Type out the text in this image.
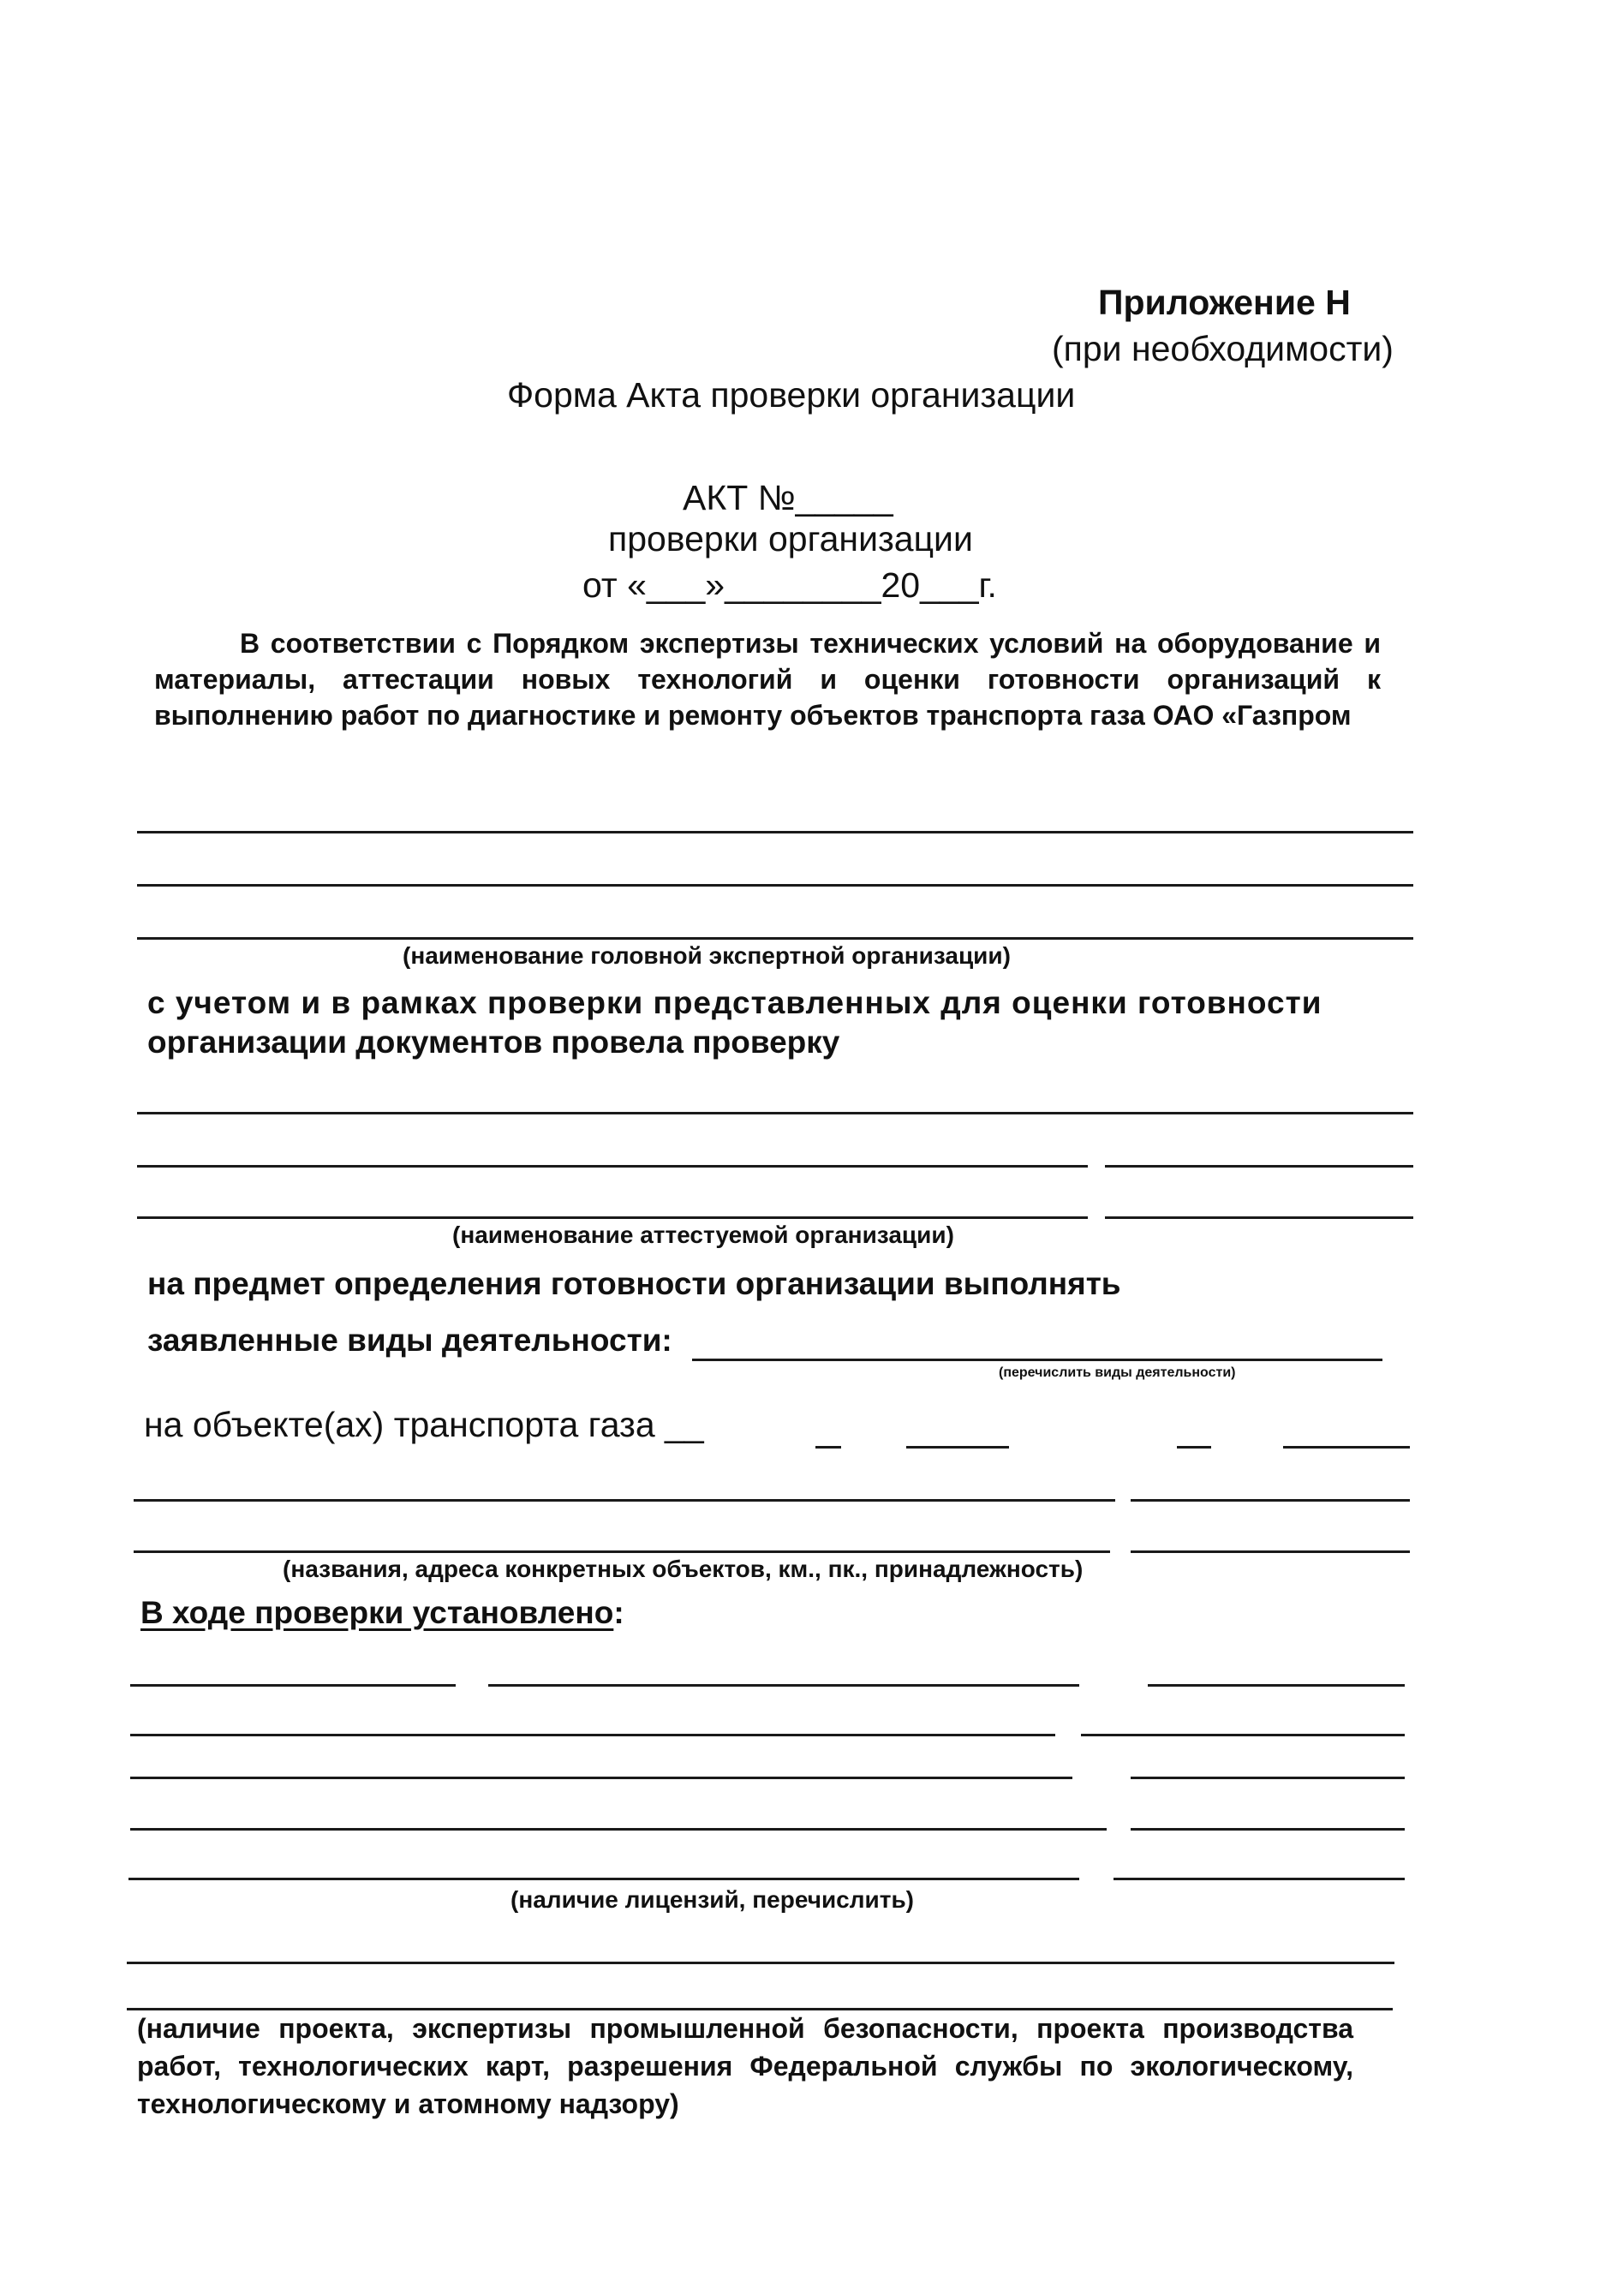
Приложение Н
(при необходимости)
Форма Акта проверки организации
АКТ №_____
проверки организации
от «___»________20___г.
В соответствии с Порядком экспертизы технических условий на оборудование и материалы, аттестации новых технологий и оценки готовности организаций к выполнению работ по диагностике и ремонту объектов транспорта газа ОАО «Газпром
(наименование головной экспертной организации)
с учетом и в рамках проверки представленных для оценки готовности
организации документов провела проверку
(наименование аттестуемой организации)
на предмет определения готовности организации выполнять
заявленные виды деятельности:
(перечислить виды деятельности)
на объекте(ах) транспорта газа __
(названия, адреса конкретных объектов, км., пк., принадлежность)
В ходе проверки установлено:
(наличие лицензий, перечислить)
(наличие проекта, экспертизы промышленной безопасности, проекта производства работ, технологических карт, разрешения Федеральной службы по экологическому, технологическому и атомному надзору)
